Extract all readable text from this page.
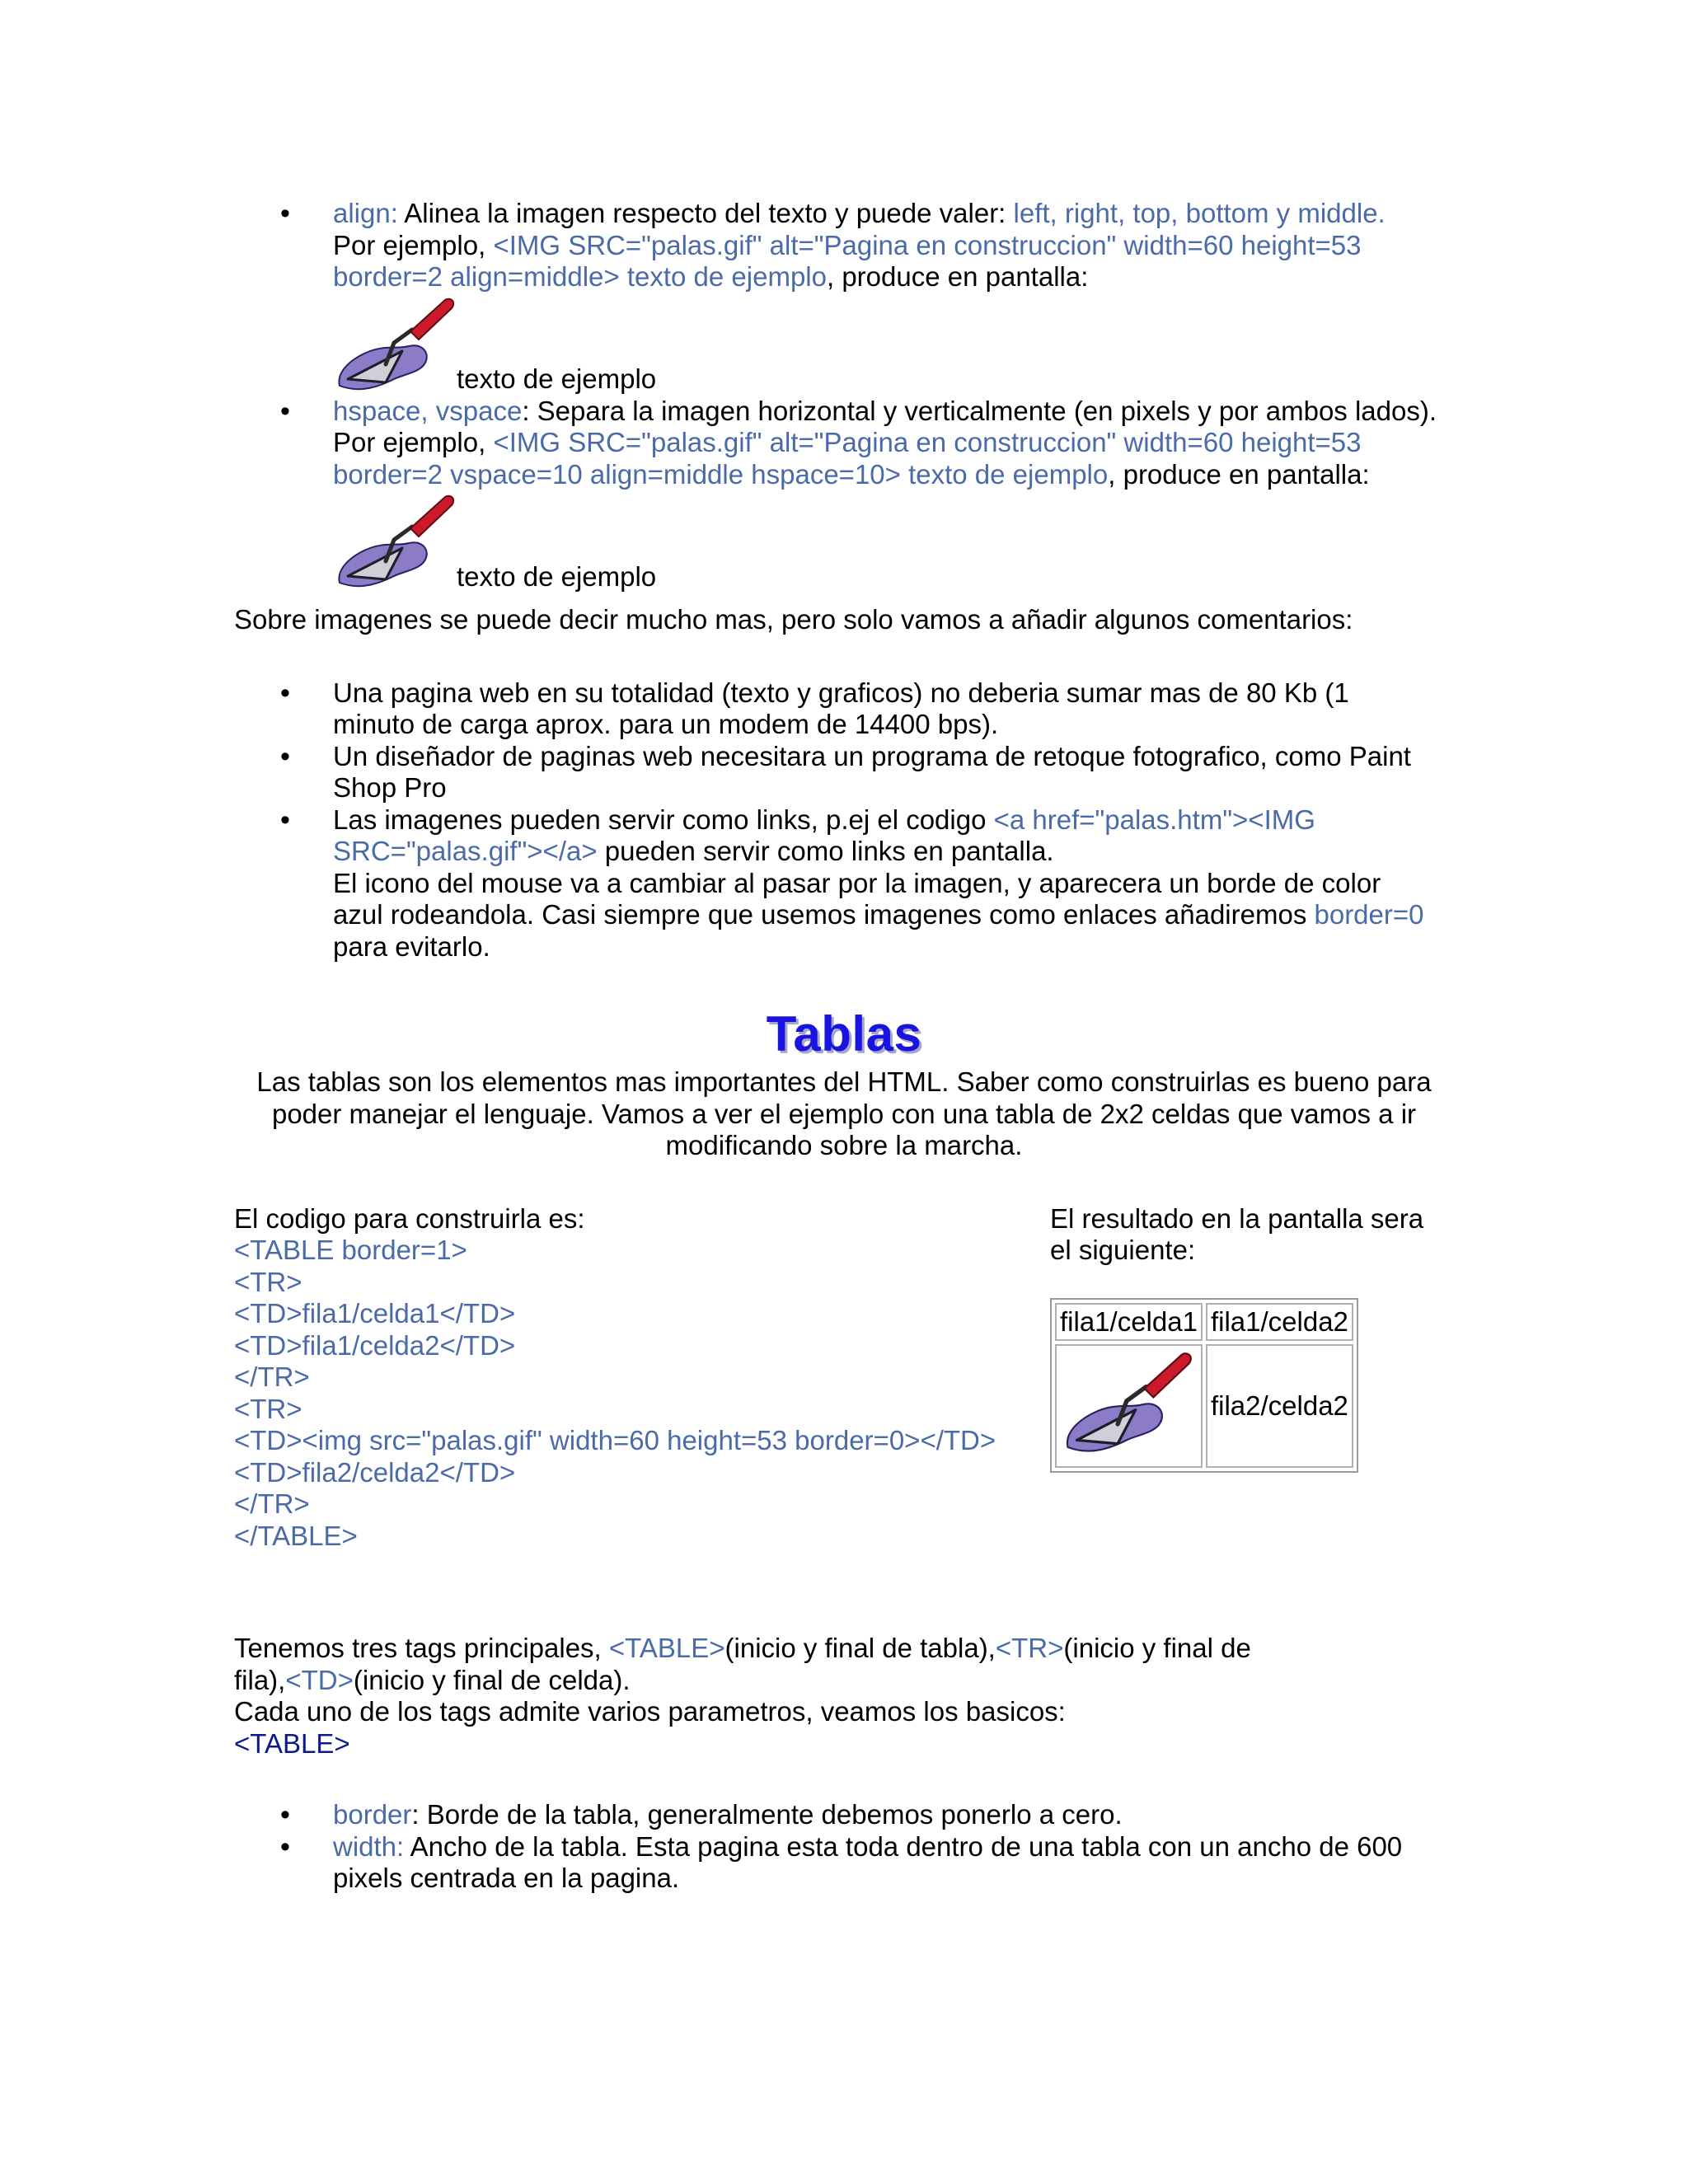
• align: Alinea la imagen respecto del texto y puede valer: left, right, top, bottom y middle.
Por ejemplo, <IMG SRC="palas.gif" alt="Pagina en construccion" width=60 height=53
border=2 align=middle> texto de ejemplo, produce en pantalla:
texto de ejemplo
• hspace, vspace: Separa la imagen horizontal y verticalmente (en pixels y por ambos lados).
Por ejemplo, <IMG SRC="palas.gif" alt="Pagina en construccion" width=60 height=53
border=2 vspace=10 align=middle hspace=10> texto de ejemplo, produce en pantalla:
texto de ejemplo

Sobre imagenes se puede decir mucho mas, pero solo vamos a añadir algunos comentarios:

• Una pagina web en su totalidad (texto y graficos) no deberia sumar mas de 80 Kb (1
minuto de carga aprox. para un modem de 14400 bps).
• Un diseñador de paginas web necesitara un programa de retoque fotografico, como Paint
Shop Pro
• Las imagenes pueden servir como links, p.ej el codigo <a href="palas.htm"><IMG
SRC="palas.gif"></a> pueden servir como links en pantalla.
El icono del mouse va a cambiar al pasar por la imagen, y aparecera un borde de color
azul rodeandola. Casi siempre que usemos imagenes como enlaces añadiremos border=0
para evitarlo.
Tablas
Las tablas son los elementos mas importantes del HTML. Saber como construirlas es bueno para
poder manejar el lenguaje. Vamos a ver el ejemplo con una tabla de 2x2 celdas que vamos a ir
modificando sobre la marcha.
El codigo para construirla es:
<TABLE border=1>
<TR>
<TD>fila1/celda1</TD>
<TD>fila1/celda2</TD>
</TR>
<TR>
<TD><img src="palas.gif" width=60 height=53 border=0></TD>
<TD>fila2/celda2</TD>
</TR>
</TABLE>
El resultado en la pantalla sera
el siguiente:
fila1/celda1	fila1/celda2
	fila2/celda2
Tenemos tres tags principales, <TABLE>(inicio y final de tabla),<TR>(inicio y final de
fila),<TD>(inicio y final de celda).
Cada uno de los tags admite varios parametros, veamos los basicos:
<TABLE>
• border: Borde de la tabla, generalmente debemos ponerlo a cero.
• width: Ancho de la tabla. Esta pagina esta toda dentro de una tabla con un ancho de 600
pixels centrada en la pagina.
